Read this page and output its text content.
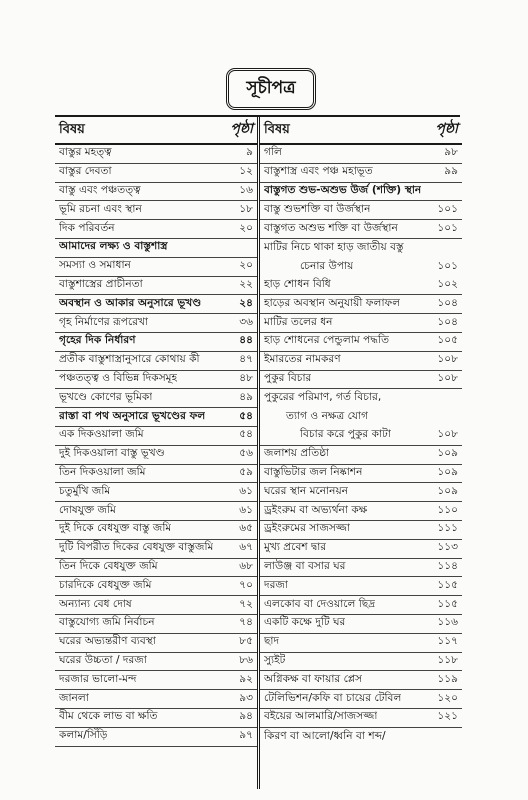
সূচীপত্র
বিষয়	পৃষ্ঠা
বাস্তুর মহত্ত্ব	৯
বাস্তুর দেবতা	১২
বাস্তু এবং পঞ্চতত্ত্ব	১৬
ভূমি রচনা এবং স্থান	১৮
দিক পরিবর্তন	২০
আমাদের লক্ষ্য ও বাস্তুশাস্ত্র
সমস্যা ও সমাধান	২০
বাস্তুশাস্ত্রের প্রাচীনতা	২২
অবস্থান ও আকার অনুসারে ভূখণ্ড	২৪
গৃহ নির্মাণের রূপরেখা	৩৬
গৃহের দিক নির্ধারণ	৪৪
প্রতীক বাস্তুশাস্ত্রানুসারে কোথায় কী	৪৭
পঞ্চতত্ত্ব ও বিভিন্ন দিকসমূহ	৪৮
ভূখণ্ডে কোণের ভূমিকা	৪৯
রাস্তা বা পথ অনুসারে ভূখণ্ডের ফল	৫৪
এক দিকওয়ালা জমি	৫৪
দুই দিকওয়ালা বাস্তু ভূখণ্ড	৫৬
তিন দিকওয়ালা জমি	৫৯
চতুর্মুখি জমি	৬১
দোষযুক্ত জমি	৬১
দুই দিকে বেধযুক্ত বাস্তু জমি	৬৫
দুটি বিপরীত দিকের বেধযুক্ত বাস্তুজমি ৬৭
তিন দিকে বেধযুক্ত জমি	৬৮
চারদিকে বেধযুক্ত জমি	৭০
অন্যান্য বেধ দোষ	৭২
বাস্তুযোগ্য জমি নির্বাচন	৭৪
ঘরের অভ্যন্তরীণ ব্যবস্থা	৮৫
ঘরের উচ্চতা / দরজা	৮৬
দরজার ভালো-মন্দ	৯২
জানলা	৯৩
বীম থেকে লাভ বা ক্ষতি	৯৪
কলাম/সিঁড়ি	৯৭
বিষয়	পৃষ্ঠা
গলি	৯৮
বাস্তুশাস্ত্র এবং পঞ্চ মহাভূত	৯৯
বাস্তুগত শুভ-অশুভ উর্জ (শক্তি) স্থান
বাস্তু শুভশক্তি বা উর্জস্থান	১০১
বাস্তুগত অশুভ শক্তি বা উর্জস্থান	১০১
মাটির নিচে থাকা হাড় জাতীয় বস্তু
চেনার উপায়	১০১
হাড় শোধন বিধি	১০২
হাড়ের অবস্থান অনুযায়ী ফলাফল	১০৪
মাটির তলের ধন	১০৪
হাড় শোধনের পেন্ডুলাম পদ্ধতি	১০৫
ইমারতের নামকরণ	১০৮
পুকুর বিচার	১০৮
পুকুরের পরিমাণ, গর্ত বিচার,
ত্যাগ ও নক্ষত্র যোগ
বিচার করে পুকুর কাটা	১০৮
জলাশয় প্রতিষ্ঠা	১০৯
বাস্তুভিটার জল নিষ্কাশন	১০৯
ঘরের স্থান মনোনয়ন	১০৯
ড্রইংরুম বা অভ্যর্থনা কক্ষ	১১০
ড্রইংরুমের সাজসজ্জা	১১১
মুখ্য প্রবেশ দ্বার	১১৩
লাউঞ্জ বা বসার ঘর	১১৪
দরজা	১১৫
এলকোব বা দেওয়ালে ছিদ্র	১১৫
একটি কক্ষে দুটি ঘর	১১৬
ছাদ	১১৭
স্যুইট	১১৮
অগ্নিকক্ষ বা ফায়ার প্লেস	১১৯
টেলিভিশন/কফি বা চায়ের টেবিল	১২০
বইয়ের আলমারি/সাজসজ্জা	১২১
কিরণ বা আলো/ধ্বনি বা শব্দ/
